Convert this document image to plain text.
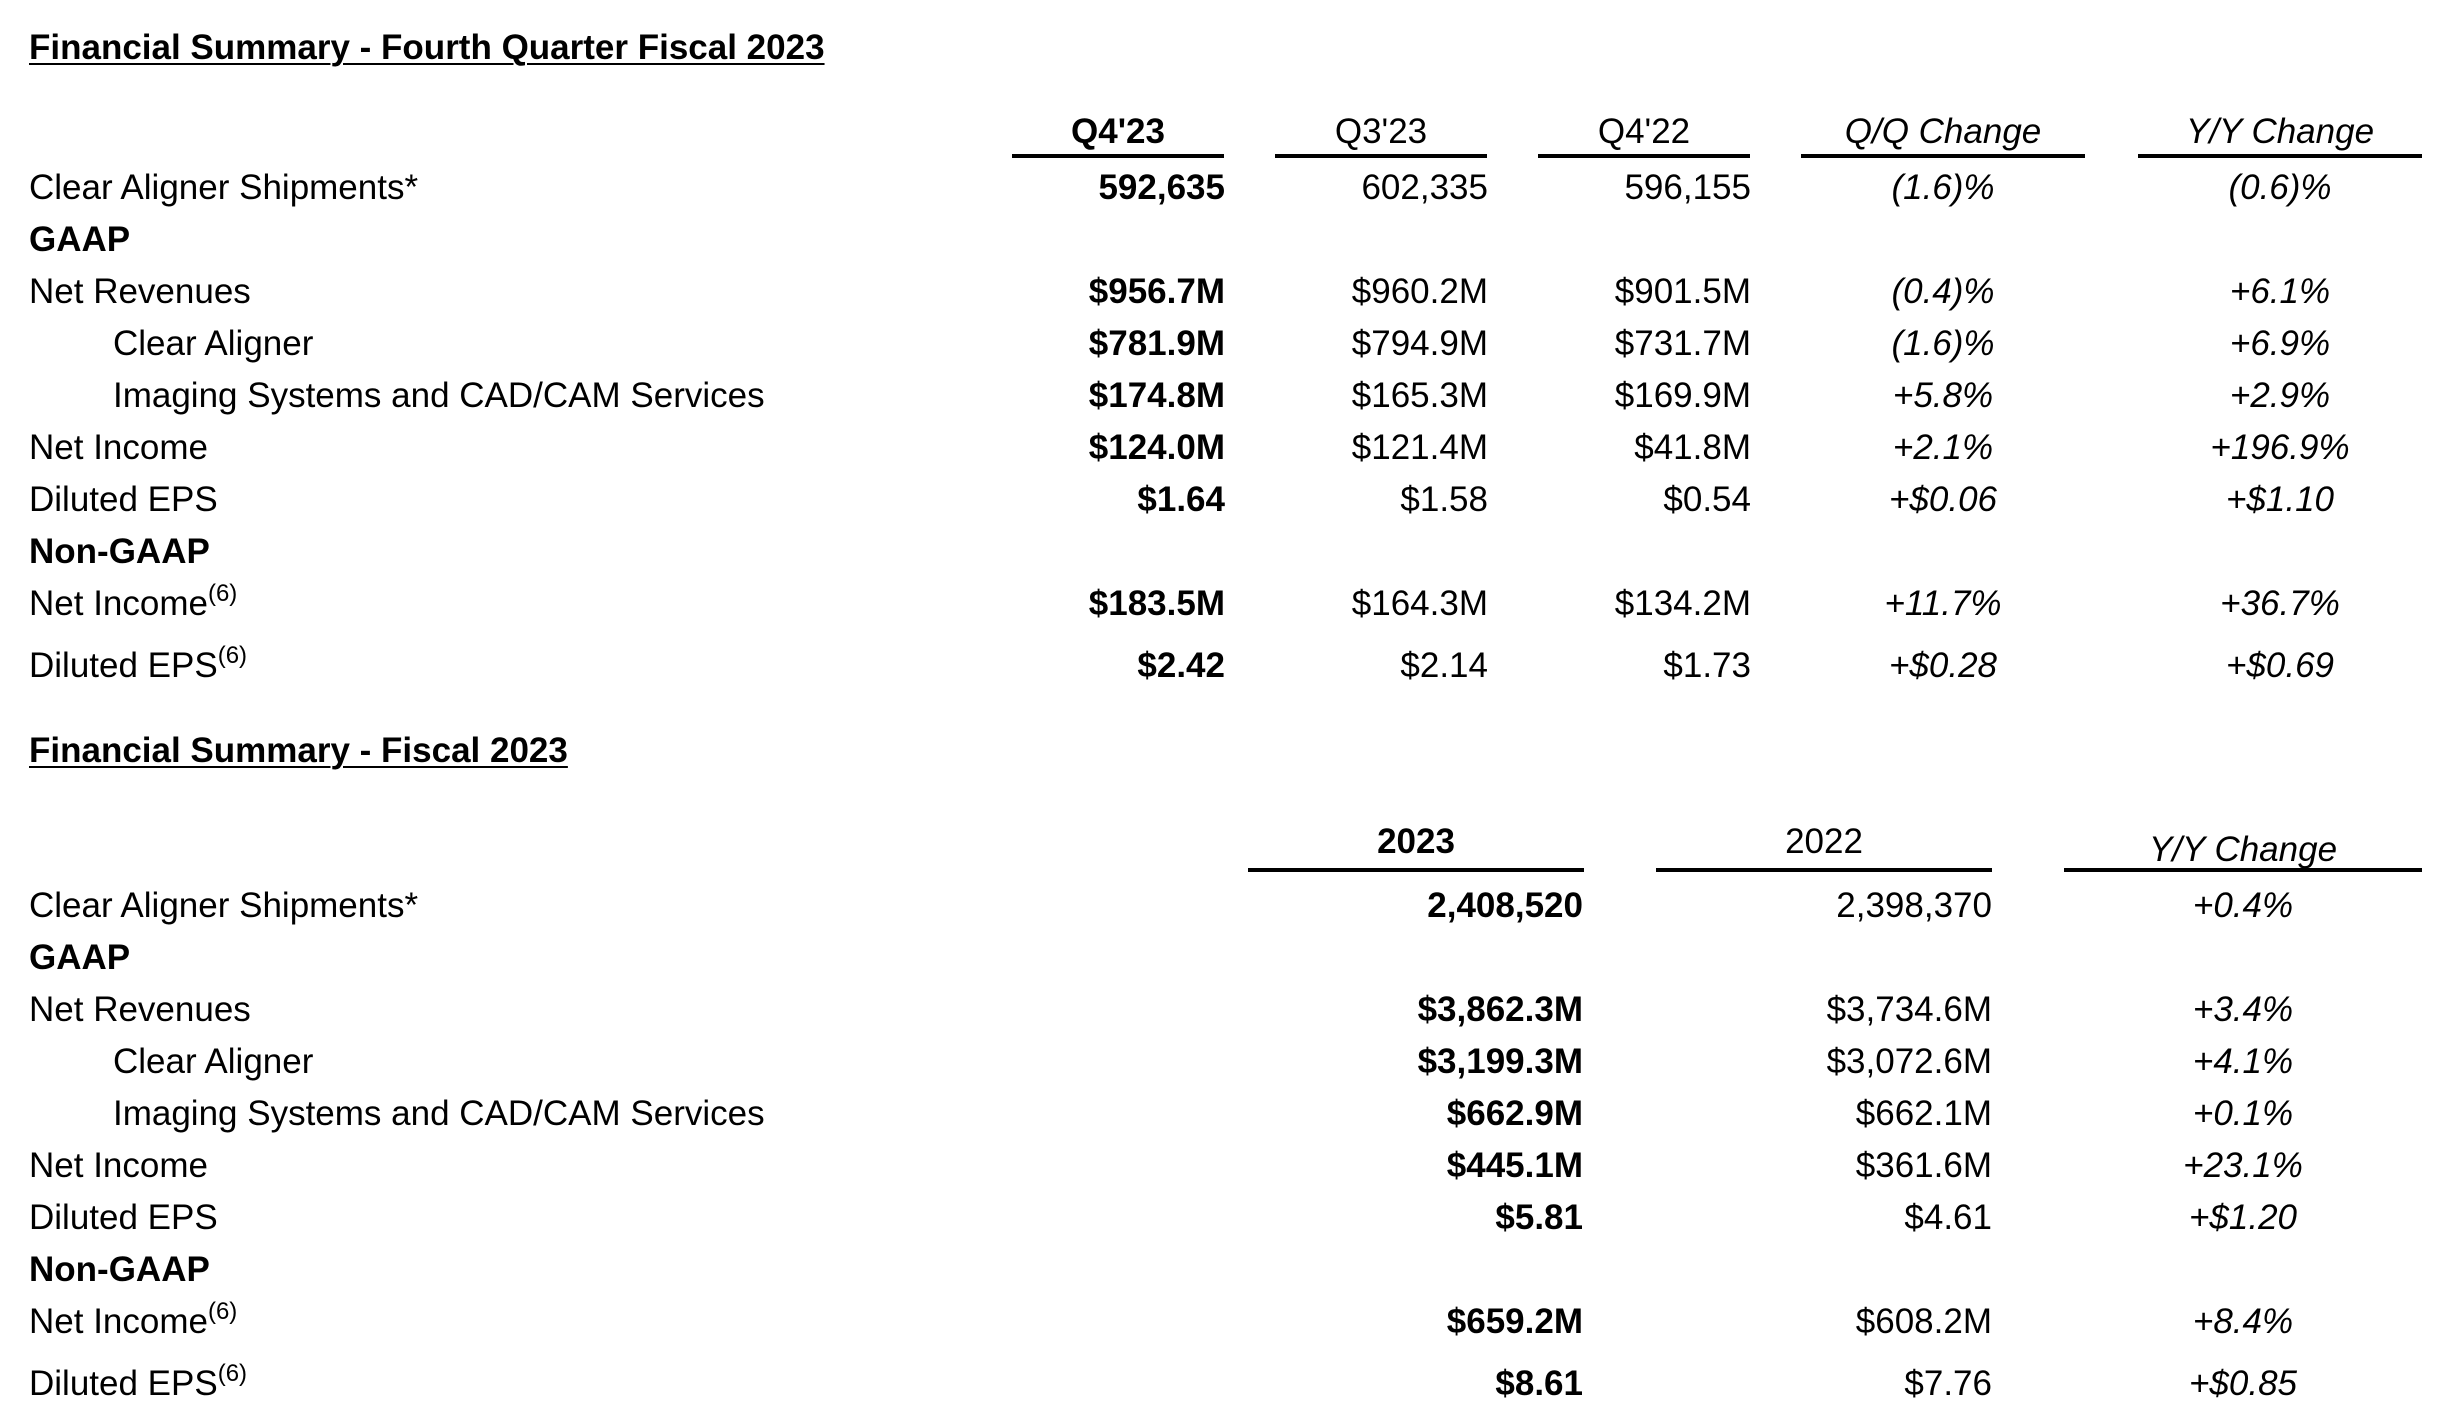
Financial Summary - Fourth Quarter Fiscal 2023
Q4'23	Q3'23	Q4'22	Q/Q Change	Y/Y Change
Clear Aligner Shipments*	592,635	602,335	596,155	(1.6)%	(0.6)%
GAAP
Net Revenues	$956.7M	$960.2M	$901.5M	(0.4)%	+6.1%
Clear Aligner	$781.9M	$794.9M	$731.7M	(1.6)%	+6.9%
Imaging Systems and CAD/CAM Services	$174.8M	$165.3M	$169.9M	+5.8%	+2.9%
Net Income	$124.0M	$121.4M	$41.8M	+2.1%	+196.9%
Diluted EPS	$1.64	$1.58	$0.54	+$0.06	+$1.10
Non-GAAP
Net Income$^{(6)}$	$183.5M	$164.3M	$134.2M	+11.7%	+36.7%
Diluted EPS$^{(6)}$	$2.42	$2.14	$1.73	+$0.28	+$0.69
Financial Summary - Fiscal 2023
2023	2022	Y/Y Change
Clear Aligner Shipments*	2,408,520	2,398,370	+0.4%
GAAP
Net Revenues	$3,862.3M	$3,734.6M	+3.4%
Clear Aligner	$3,199.3M	$3,072.6M	+4.1%
Imaging Systems and CAD/CAM Services	$662.9M	$662.1M	+0.1%
Net Income	$445.1M	$361.6M	+23.1%
Diluted EPS	$5.81	$4.61	+$1.20
Non-GAAP
Net Income$^{(6)}$	$659.2M	$608.2M	+8.4%
Diluted EPS$^{(6)}$	$8.61	$7.76	+$0.85
